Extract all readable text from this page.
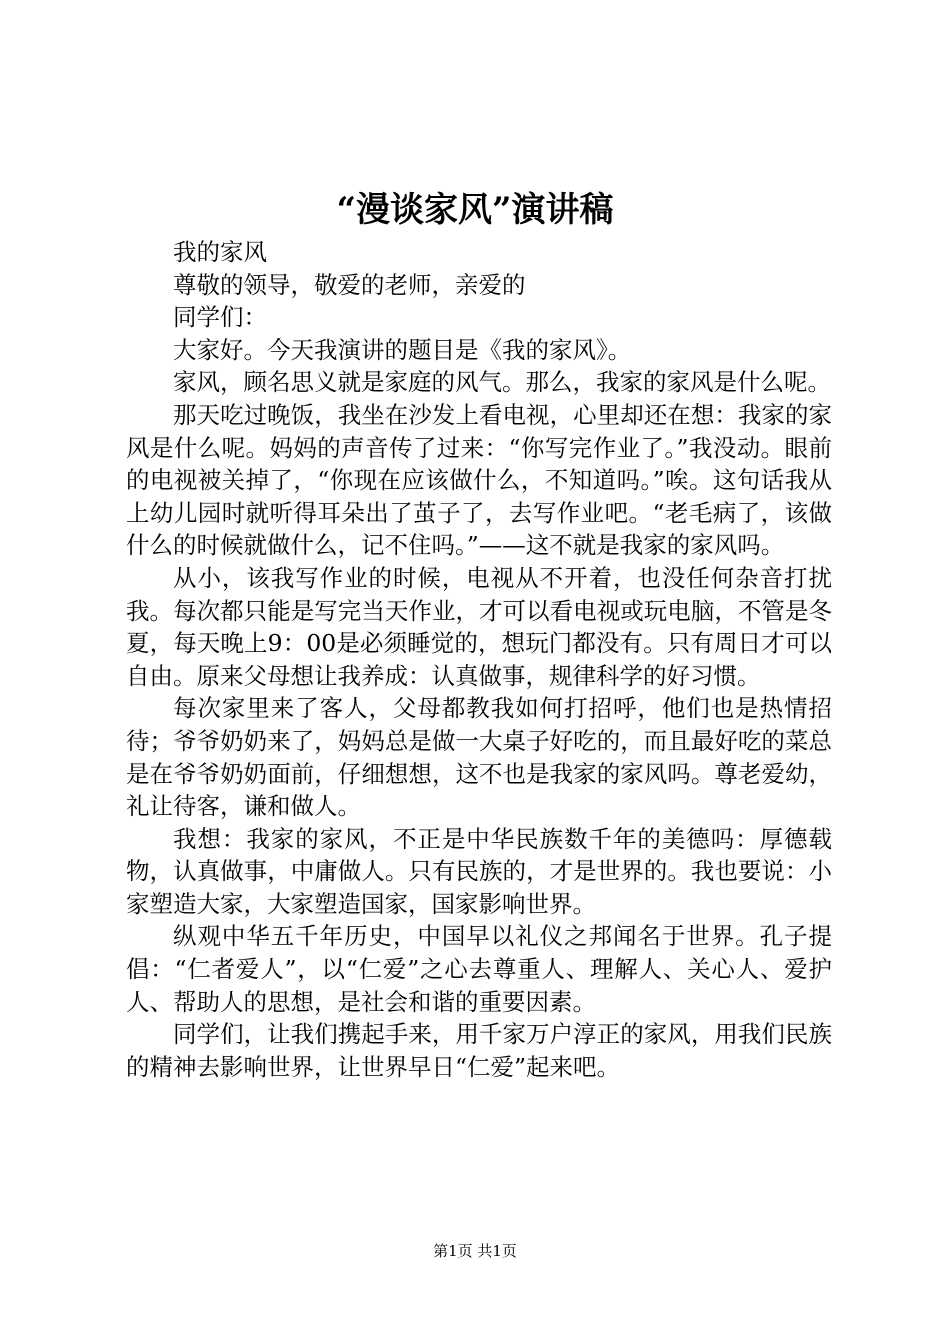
“漫谈家风”演讲稿

我的家风

尊敬的领导，敬爱的老师，亲爱的

同学们：

大家好。今天我演讲的题目是《我的家风》。

家风，顾名思义就是家庭的风气。那么，我家的家风是什么呢。

那天吃过晚饭，我坐在沙发上看电视，心里却还在想：我家的家风是什么呢。妈妈的声音传了过来：“你写完作业了。”我没动。眼前的电视被关掉了，“你现在应该做什么，不知道吗。”唉。这句话我从上幼儿园时就听得耳朵出了茧子了，去写作业吧。“老毛病了，该做什么的时候就做什么，记不住吗。”——这不就是我家的家风吗。

从小，该我写作业的时候，电视从不开着，也没任何杂音打扰我。每次都只能是写完当天作业，才可以看电视或玩电脑，不管是冬夏，每天晚上9：00是必须睡觉的，想玩门都没有。只有周日才可以自由。原来父母想让我养成：认真做事，规律科学的好习惯。

每次家里来了客人，父母都教我如何打招呼，他们也是热情招待；爷爷奶奶来了，妈妈总是做一大桌子好吃的，而且最好吃的菜总是在爷爷奶奶面前，仔细想想，这不也是我家的家风吗。尊老爱幼，礼让待客，谦和做人。

我想：我家的家风，不正是中华民族数千年的美德吗：厚德载物，认真做事，中庸做人。只有民族的，才是世界的。我也要说：小家塑造大家，大家塑造国家，国家影响世界。

纵观中华五千年历史，中国早以礼仪之邦闻名于世界。孔子提倡：“仁者爱人”，以“仁爱”之心去尊重人、理解人、关心人、爱护人、帮助人的思想，是社会和谐的重要因素。

同学们，让我们携起手来，用千家万户淳正的家风，用我们民族的精神去影响世界，让世界早日“仁爱”起来吧。

第1页 共1页
